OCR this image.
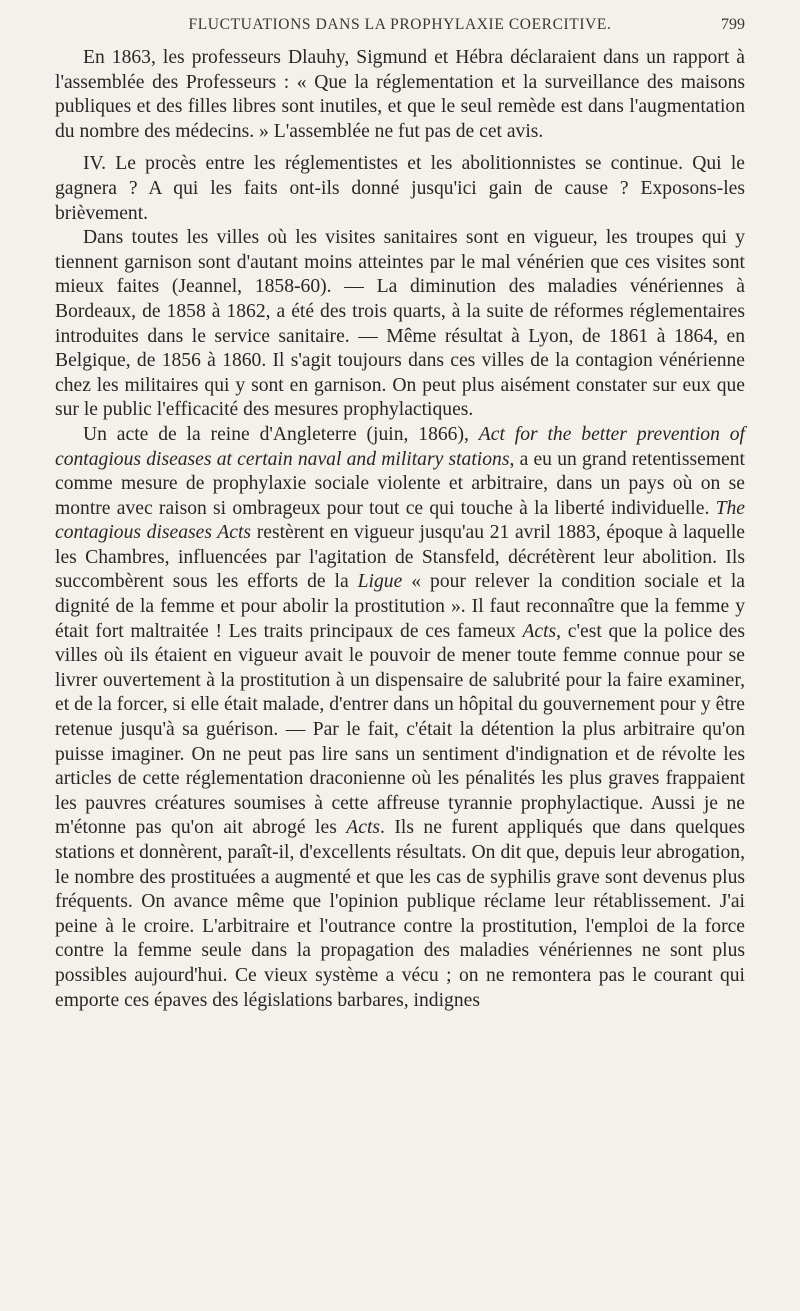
FLUCTUATIONS DANS LA PROPHYLAXIE COERCITIVE.	799

En 1863, les professeurs Dlauhy, Sigmund et Hébra déclaraient dans un rapport à l'assemblée des Professeurs : « Que la réglementation et la surveillance des maisons publiques et des filles libres sont inutiles, et que le seul remède est dans l'augmentation du nombre des médecins. » L'assemblée ne fut pas de cet avis.

IV. Le procès entre les réglementistes et les abolitionnistes se continue. Qui le gagnera ? A qui les faits ont-ils donné jusqu'ici gain de cause ? Exposons-les brièvement.

Dans toutes les villes où les visites sanitaires sont en vigueur, les troupes qui y tiennent garnison sont d'autant moins atteintes par le mal vénérien que ces visites sont mieux faites (Jeannel, 1858-60). — La diminution des maladies vénériennes à Bordeaux, de 1858 à 1862, a été des trois quarts, à la suite de réformes réglementaires introduites dans le service sanitaire. — Même résultat à Lyon, de 1861 à 1864, en Belgique, de 1856 à 1860. Il s'agit toujours dans ces villes de la contagion vénérienne chez les militaires qui y sont en garnison. On peut plus aisément constater sur eux que sur le public l'efficacité des mesures prophylactiques.

Un acte de la reine d'Angleterre (juin, 1866), Act for the better prevention of contagious diseases at certain naval and military stations, a eu un grand retentissement comme mesure de prophylaxie sociale violente et arbitraire, dans un pays où on se montre avec raison si ombrageux pour tout ce qui touche à la liberté individuelle. The contagious diseases Acts restèrent en vigueur jusqu'au 21 avril 1883, époque à laquelle les Chambres, influencées par l'agitation de Stansfeld, décrétèrent leur abolition. Ils succombèrent sous les efforts de la Ligue « pour relever la condition sociale et la dignité de la femme et pour abolir la prostitution ». Il faut reconnaître que la femme y était fort maltraitée ! Les traits principaux de ces fameux Acts, c'est que la police des villes où ils étaient en vigueur avait le pouvoir de mener toute femme connue pour se livrer ouvertement à la prostitution à un dispensaire de salubrité pour la faire examiner, et de la forcer, si elle était malade, d'entrer dans un hôpital du gouvernement pour y être retenue jusqu'à sa guérison. — Par le fait, c'était la détention la plus arbitraire qu'on puisse imaginer. On ne peut pas lire sans un sentiment d'indignation et de révolte les articles de cette réglementation draconienne où les pénalités les plus graves frappaient les pauvres créatures soumises à cette affreuse tyrannie prophylactique. Aussi je ne m'étonne pas qu'on ait abrogé les Acts. Ils ne furent appliqués que dans quelques stations et donnèrent, paraît-il, d'excellents résultats. On dit que, depuis leur abrogation, le nombre des prostituées a augmenté et que les cas de syphilis grave sont devenus plus fréquents. On avance même que l'opinion publique réclame leur rétablissement. J'ai peine à le croire. L'arbitraire et l'outrance contre la prostitution, l'emploi de la force contre la femme seule dans la propagation des maladies vénériennes ne sont plus possibles aujourd'hui. Ce vieux système a vécu ; on ne remontera pas le courant qui emporte ces épaves des législations barbares, indignes
